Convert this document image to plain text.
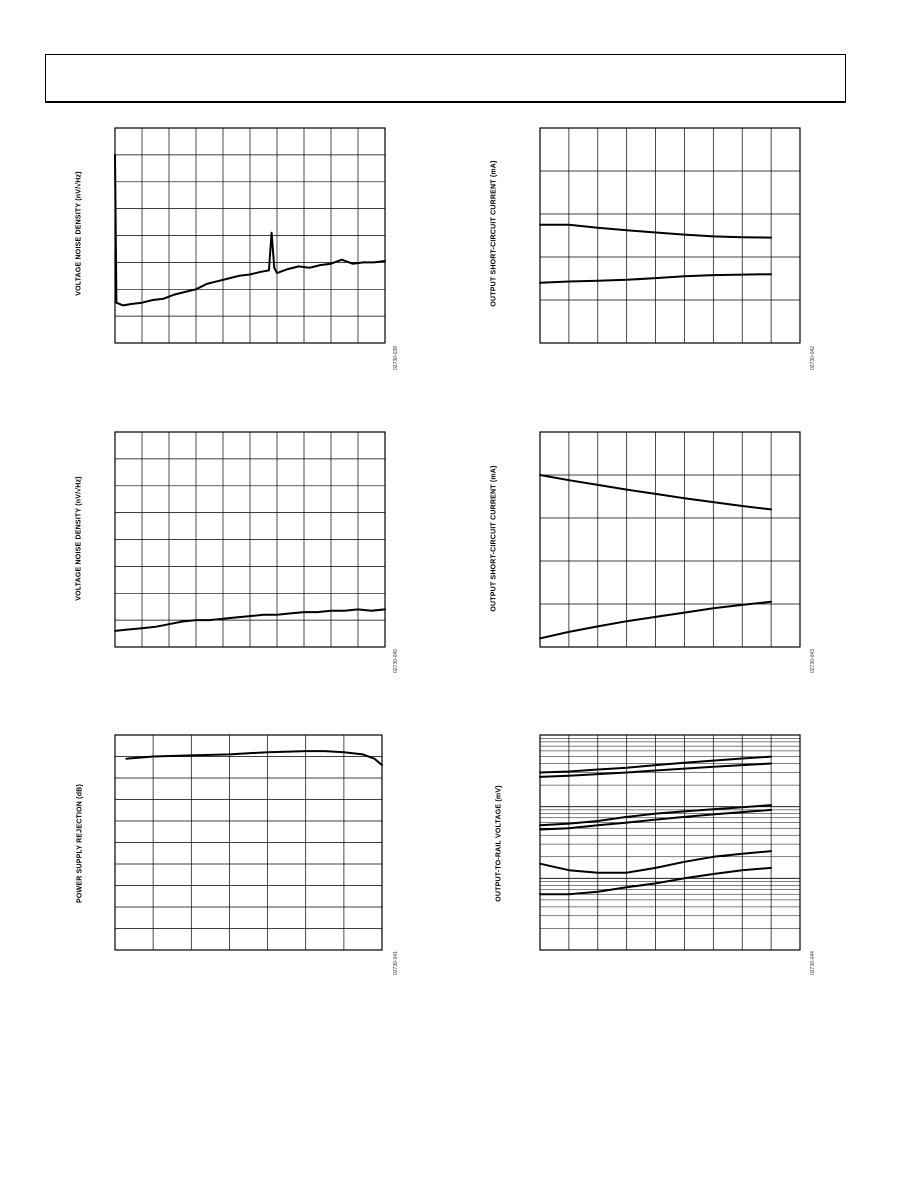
VOLTAGE NOISE DENSITY (nV/√Hz)	OUTPUT SHORT-CIRCUIT CURRENT (mA)
VOLTAGE NOISE DENSITY (nV/√Hz)	OUTPUT SHORT-CIRCUIT CURRENT (mA)
POWER SUPPLY REJECTION (dB)	OUTPUT-TO-RAIL VOLTAGE (mV)
02730-039	02730-042
02730-040	02730-043
02730-041	02730-044
